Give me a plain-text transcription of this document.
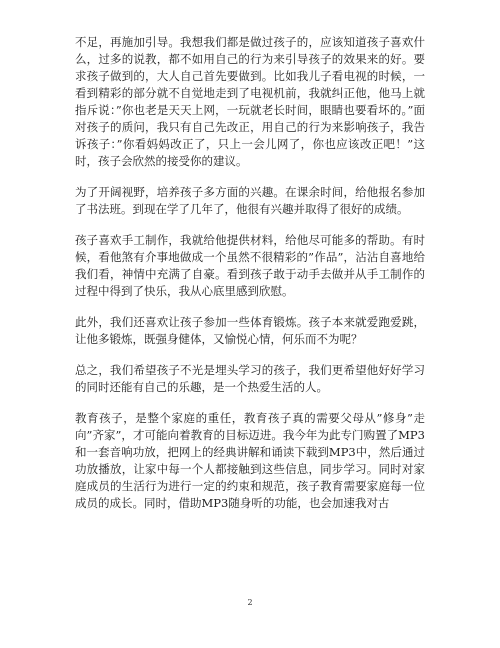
不足，再施加引导。我想我们都是做过孩子的，应该知道孩子喜欢什么，过多的说教，都不如用自己的行为来引导孩子的效果来的好。要求孩子做到的，大人自己首先要做到。比如我儿子看电视的时候，一看到精彩的部分就不自觉地走到了电视机前，我就纠正他，他马上就指斥说：”你也老是天天上网，一玩就老长时间，眼睛也要看坏的。”面对孩子的质问，我只有自己先改正，用自己的行为来影响孩子，我告诉孩子：”你看妈妈改正了，只上一会儿网了，你也应该改正吧！”这时，孩子会欣然的接受你的建议。

为了开阔视野，培养孩子多方面的兴趣。在课余时间，给他报名参加了书法班。到现在学了几年了，他很有兴趣并取得了很好的成绩。

孩子喜欢手工制作，我就给他提供材料，给他尽可能多的帮助。有时候，看他煞有介事地做成一个虽然不很精彩的”作品”，沾沾自喜地给我们看，神情中充满了自豪。看到孩子敢于动手去做并从手工制作的过程中得到了快乐，我从心底里感到欣慰。

此外，我们还喜欢让孩子参加一些体育锻炼。孩子本来就爱跑爱跳，让他多锻炼，既强身健体，又愉悦心情，何乐而不为呢？

总之，我们希望孩子不光是埋头学习的孩子，我们更希望他好好学习的同时还能有自己的乐趣，是一个热爱生活的人。

教育孩子，是整个家庭的重任，教育孩子真的需要父母从”修身”走向”齐家”，才可能向着教育的目标迈进。我今年为此专门购置了MP3和一套音响功放，把网上的经典讲解和诵读下载到MP3中，然后通过功放播放，让家中每一个人都接触到这些信息，同步学习。同时对家庭成员的生活行为进行一定的约束和规范，孩子教育需要家庭每一位成员的成长。同时，借助MP3随身听的功能，也会加速我对古

2
